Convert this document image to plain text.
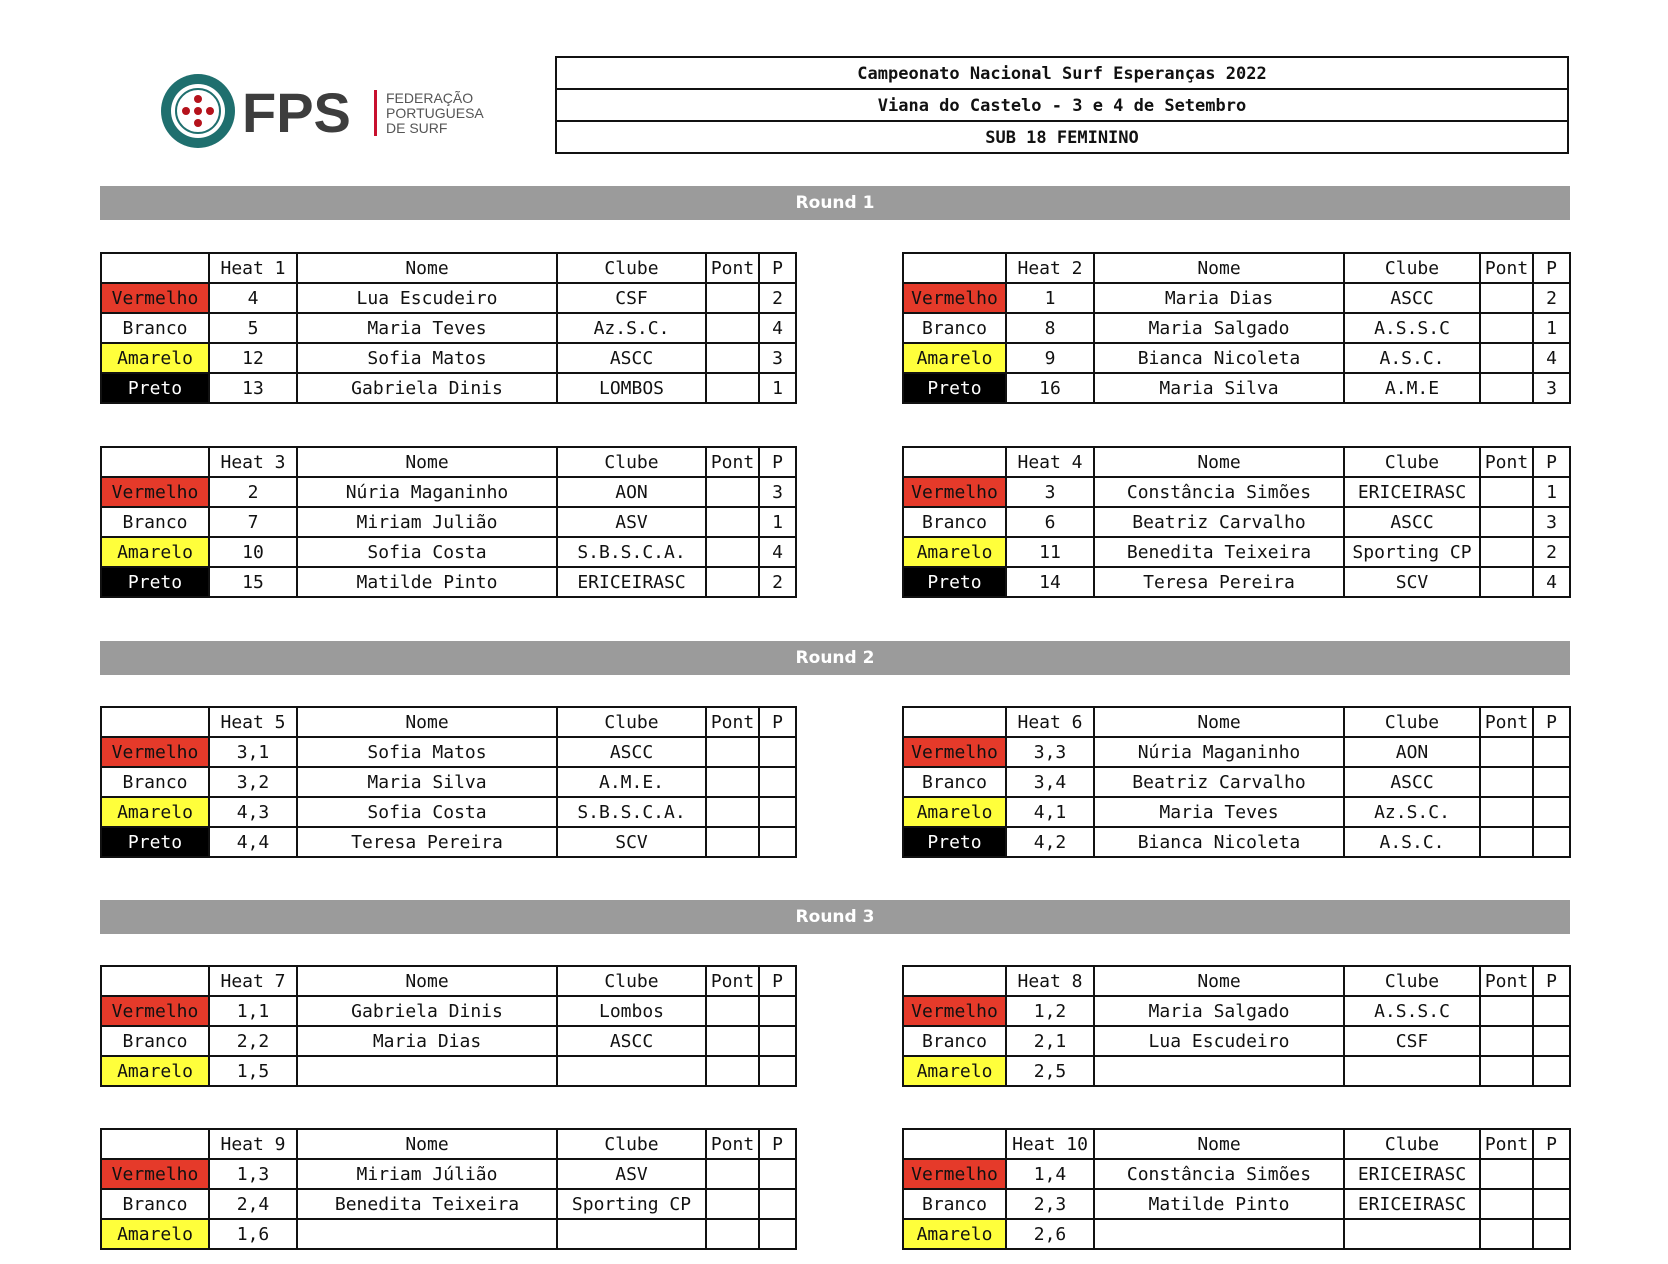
FPS	FEDERAÇÃO
PORTUGUESA
DE SURF
Campeonato Nacional Surf Esperanças 2022
Viana do Castelo - 3 e 4 de Setembro
SUB 18 FEMININO
Round 1
Round 2
Round 3
	Heat 1	Nome	Clube	Pont	P
Vermelho	4	Lua Escudeiro	CSF		2
Branco	5	Maria Teves	Az.S.C.		4
Amarelo	12	Sofia Matos	ASCC		3
Preto	13	Gabriela Dinis	LOMBOS		1
	Heat 2	Nome	Clube	Pont	P
Vermelho	1	Maria Dias	ASCC		2
Branco	8	Maria Salgado	A.S.S.C		1
Amarelo	9	Bianca Nicoleta	A.S.C.		4
Preto	16	Maria Silva	A.M.E		3
	Heat 3	Nome	Clube	Pont	P
Vermelho	2	Núria Maganinho	AON		3
Branco	7	Miriam Julião	ASV		1
Amarelo	10	Sofia Costa	S.B.S.C.A.		4
Preto	15	Matilde Pinto	ERICEIRASC		2
	Heat 4	Nome	Clube	Pont	P
Vermelho	3	Constância Simões	ERICEIRASC		1
Branco	6	Beatriz Carvalho	ASCC		3
Amarelo	11	Benedita Teixeira	Sporting CP		2
Preto	14	Teresa Pereira	SCV		4
	Heat 5	Nome	Clube	Pont	P
Vermelho	3,1	Sofia Matos	ASCC		
Branco	3,2	Maria Silva	A.M.E.		
Amarelo	4,3	Sofia Costa	S.B.S.C.A.		
Preto	4,4	Teresa Pereira	SCV		
	Heat 6	Nome	Clube	Pont	P
Vermelho	3,3	Núria Maganinho	AON		
Branco	3,4	Beatriz Carvalho	ASCC		
Amarelo	4,1	Maria Teves	Az.S.C.		
Preto	4,2	Bianca Nicoleta	A.S.C.		
	Heat 7	Nome	Clube	Pont	P
Vermelho	1,1	Gabriela Dinis	Lombos		
Branco	2,2	Maria Dias	ASCC		
Amarelo	1,5				
	Heat 8	Nome	Clube	Pont	P
Vermelho	1,2	Maria Salgado	A.S.S.C		
Branco	2,1	Lua Escudeiro	CSF		
Amarelo	2,5				
	Heat 9	Nome	Clube	Pont	P
Vermelho	1,3	Miriam Júlião	ASV		
Branco	2,4	Benedita Teixeira	Sporting CP		
Amarelo	1,6				
	Heat 10	Nome	Clube	Pont	P
Vermelho	1,4	Constância Simões	ERICEIRASC		
Branco	2,3	Matilde Pinto	ERICEIRASC		
Amarelo	2,6				
